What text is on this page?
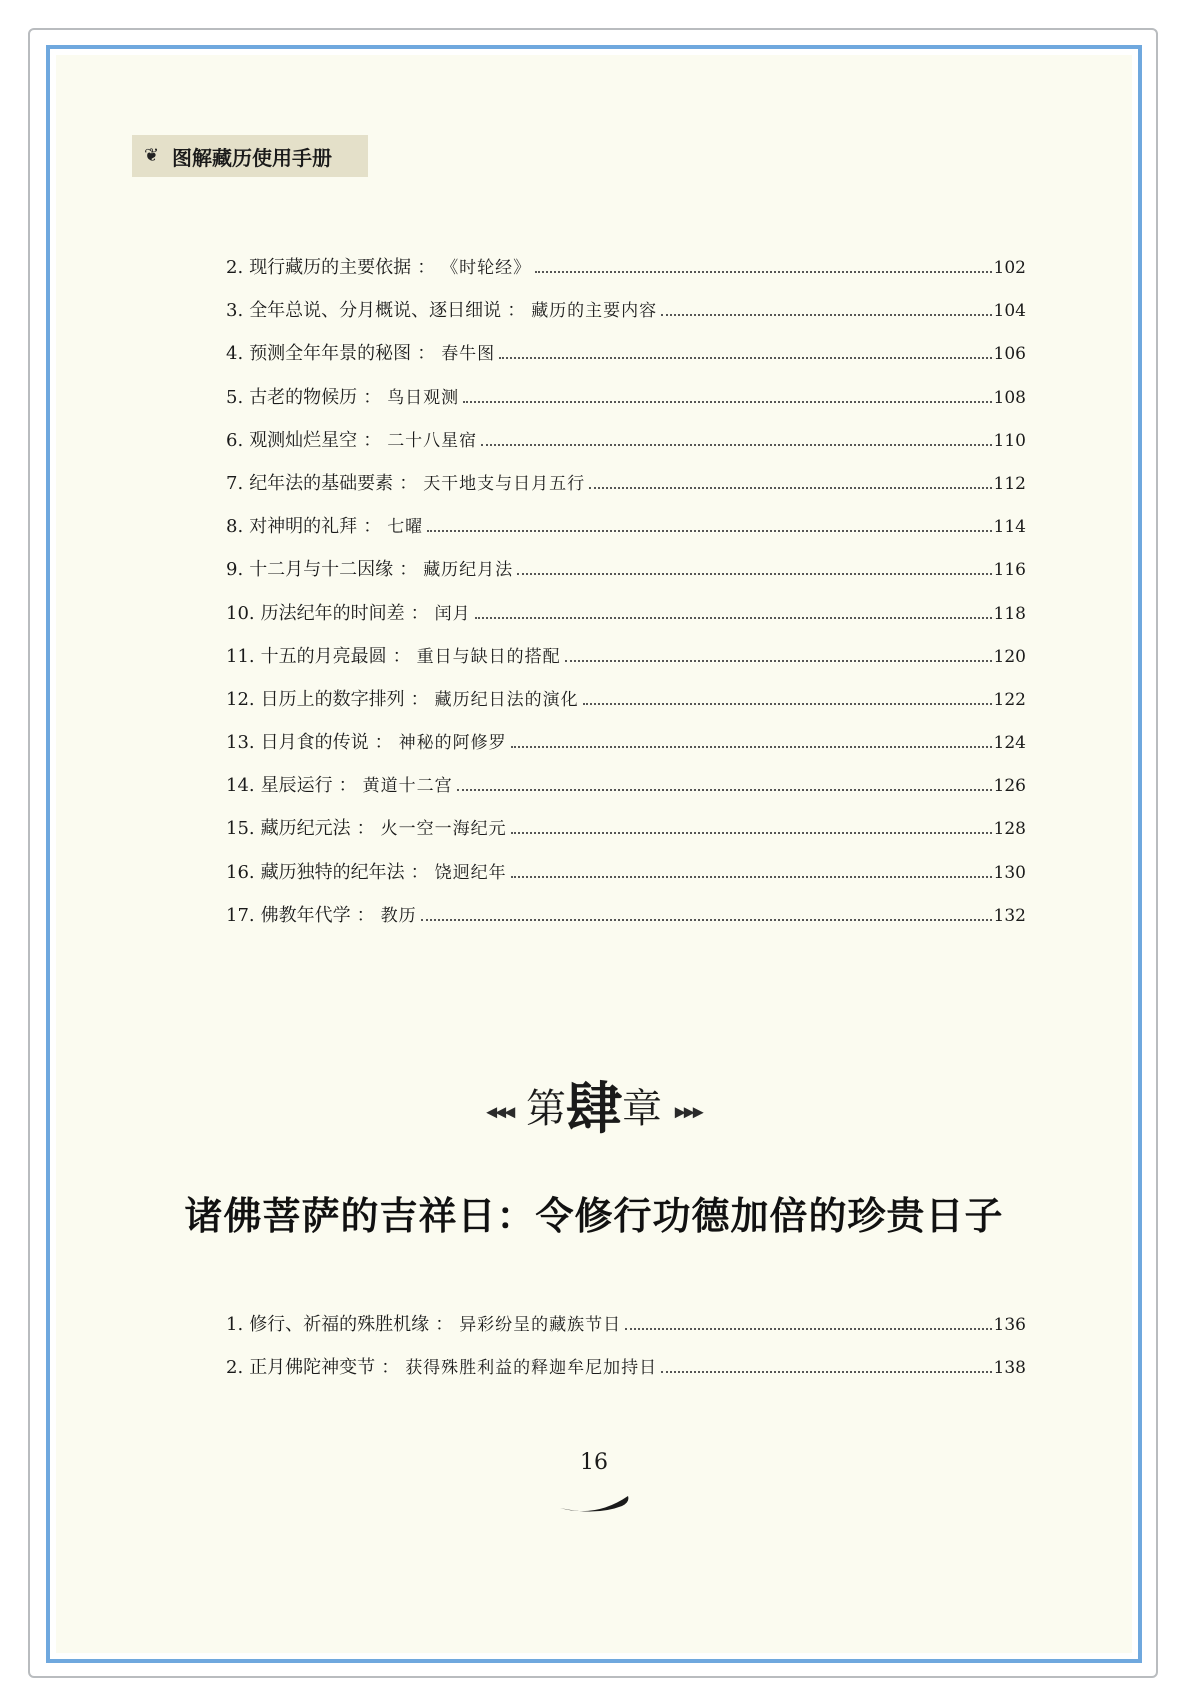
❦ 图解藏历使用手册
2. 现行藏历的主要依据 ： 《时轮经》	102
3. 全年总说、分月概说、逐日细说 ： 藏历的主要内容	104
4. 预测全年年景的秘图 ： 春牛图	106
5. 古老的物候历 ： 鸟日观测	108
6. 观测灿烂星空 ： 二十八星宿	110
7. 纪年法的基础要素 ： 天干地支与日月五行	112
8. 对神明的礼拜 ： 七曜	114
9. 十二月与十二因缘 ： 藏历纪月法	116
10. 历法纪年的时间差 ： 闰月	118
11. 十五的月亮最圆 ： 重日与缺日的搭配	120
12. 日历上的数字排列 ： 藏历纪日法的演化	122
13. 日月食的传说 ： 神秘的阿修罗	124
14. 星辰运行 ： 黄道十二宫	126
15. 藏历纪元法 ： 火一空一海纪元	128
16. 藏历独特的纪年法 ： 饶迥纪年	130
17. 佛教年代学 ： 教历	132
◂◂◂ 第肆章 ▸▸▸
诸佛菩萨的吉祥日：令修行功德加倍的珍贵日子
1. 修行、祈福的殊胜机缘 ： 异彩纷呈的藏族节日	136
2. 正月佛陀神变节 ： 获得殊胜利益的释迦牟尼加持日	138
16
